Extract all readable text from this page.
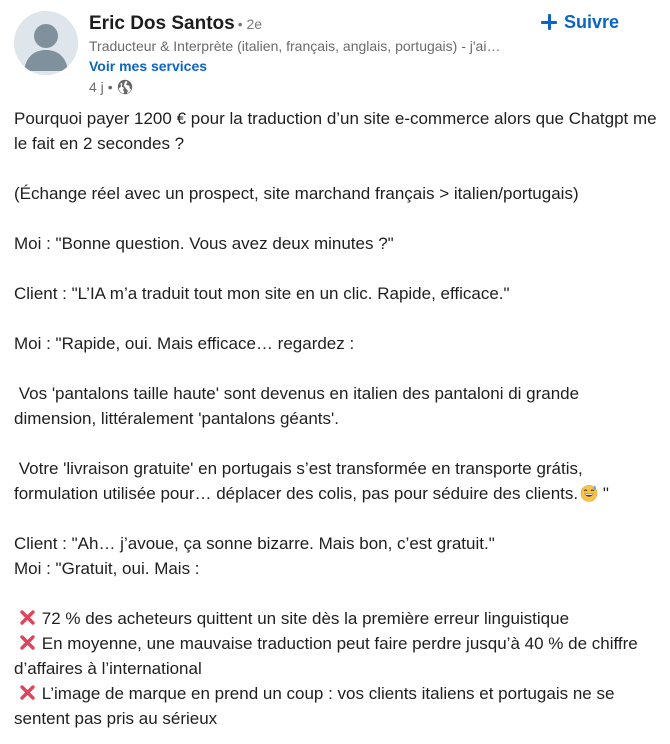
Eric Dos Santos • 2e
Traducteur & Interprète (italien, français, anglais, portugais) - j'ai…
Voir mes services
4 j •
Suivre

Pourquoi payer 1200 € pour la traduction d’un site e-commerce alors que Chatgpt me le fait en 2 secondes ?

(Échange réel avec un prospect, site marchand français > italien/portugais)

Moi : "Bonne question. Vous avez deux minutes ?"

Client : "L’IA m’a traduit tout mon site en un clic. Rapide, efficace."

Moi : "Rapide, oui. Mais efficace… regardez :

Vos 'pantalons taille haute' sont devenus en italien des pantaloni di grande dimension, littéralement 'pantalons géants'.

Votre 'livraison gratuite' en portugais s’est transformée en transporte grátis, formulation utilisée pour… déplacer des colis, pas pour séduire des clients. "

Client : "Ah… j’avoue, ça sonne bizarre. Mais bon, c’est gratuit."

Moi : "Gratuit, oui. Mais :

72 % des acheteurs quittent un site dès la première erreur linguistique

En moyenne, une mauvaise traduction peut faire perdre jusqu’à 40 % de chiffre d’affaires à l’international

L’image de marque en prend un coup : vos clients italiens et portugais ne se sentent pas pris au sérieux
